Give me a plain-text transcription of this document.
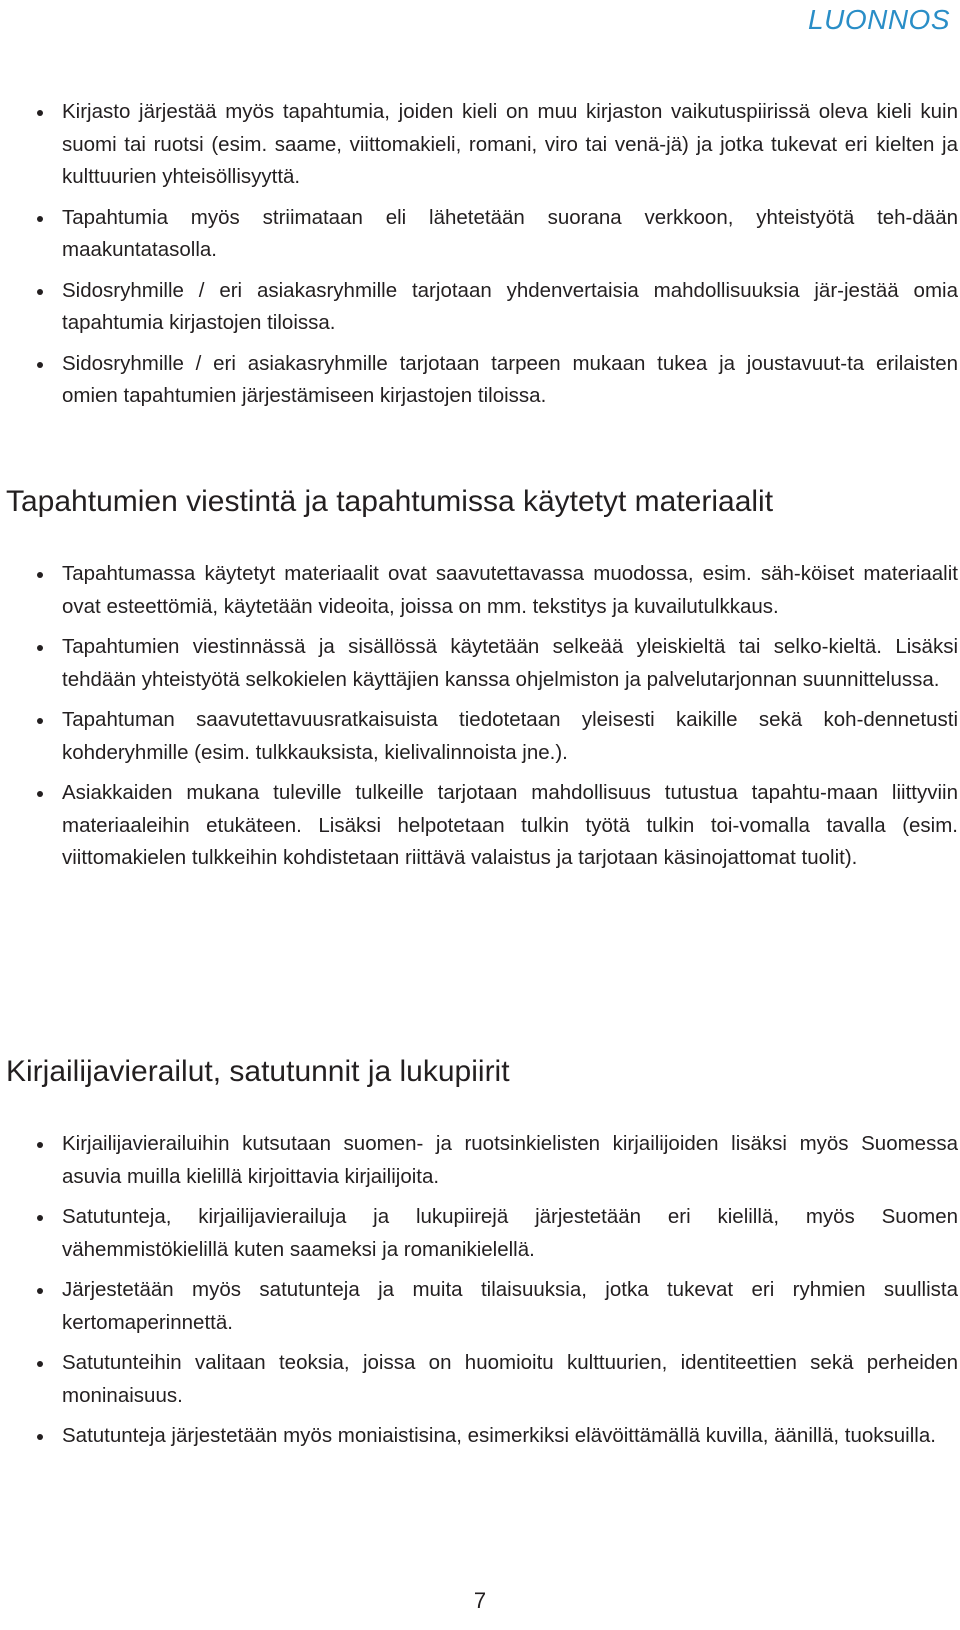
LUONNOS
Kirjasto järjestää myös tapahtumia, joiden kieli on muu kirjaston vaikutuspiirissä oleva kieli kuin suomi tai ruotsi (esim. saame, viittomakieli, romani, viro tai venä-jä) ja jotka tukevat eri kielten ja kulttuurien yhteisöllisyyttä.
Tapahtumia myös striimataan eli lähetetään suorana verkkoon, yhteistyötä teh-dään maakuntatasolla.
Sidosryhmille / eri asiakasryhmille tarjotaan yhdenvertaisia mahdollisuuksia jär-jestää omia tapahtumia kirjastojen tiloissa.
Sidosryhmille / eri asiakasryhmille tarjotaan tarpeen mukaan tukea ja joustavuut-ta erilaisten omien tapahtumien järjestämiseen kirjastojen tiloissa.
Tapahtumien viestintä ja tapahtumissa käytetyt materiaalit
Tapahtumassa käytetyt materiaalit ovat saavutettavassa muodossa, esim. säh-köiset materiaalit ovat esteettömiä, käytetään videoita, joissa on mm. tekstitys ja kuvailutulkkaus.
Tapahtumien viestinnässä ja sisällössä käytetään selkeää yleiskieltä tai selko-kieltä. Lisäksi tehdään yhteistyötä selkokielen käyttäjien kanssa ohjelmiston ja palvelutarjonnan suunnittelussa.
Tapahtuman saavutettavuusratkaisuista tiedotetaan yleisesti kaikille sekä koh-dennetusti kohderyhmille (esim. tulkkauksista, kielivalinnoista jne.).
Asiakkaiden mukana tuleville tulkeille tarjotaan mahdollisuus tutustua tapahtu-maan liittyviin materiaaleihin etukäteen. Lisäksi helpotetaan tulkin työtä tulkin toi-vomalla tavalla (esim. viittomakielen tulkkeihin kohdistetaan riittävä valaistus ja tarjotaan käsinojattomat tuolit).
Kirjailijavierailut, satutunnit ja lukupiirit
Kirjailijavierailuihin kutsutaan suomen- ja ruotsinkielisten kirjailijoiden lisäksi myös Suomessa asuvia muilla kielillä kirjoittavia kirjailijoita.
Satutunteja, kirjailijavierailuja ja lukupiirejä järjestetään eri kielillä, myös Suomen vähemmistökielillä kuten saameksi ja romanikielellä.
Järjestetään myös satutunteja ja muita tilaisuuksia, jotka tukevat eri ryhmien suullista kertomaperinnettä.
Satutunteihin valitaan teoksia, joissa on huomioitu kulttuurien, identiteettien sekä perheiden moninaisuus.
Satutunteja järjestetään myös moniaistisina, esimerkiksi elävöittämällä kuvilla, äänillä, tuoksuilla.
7
